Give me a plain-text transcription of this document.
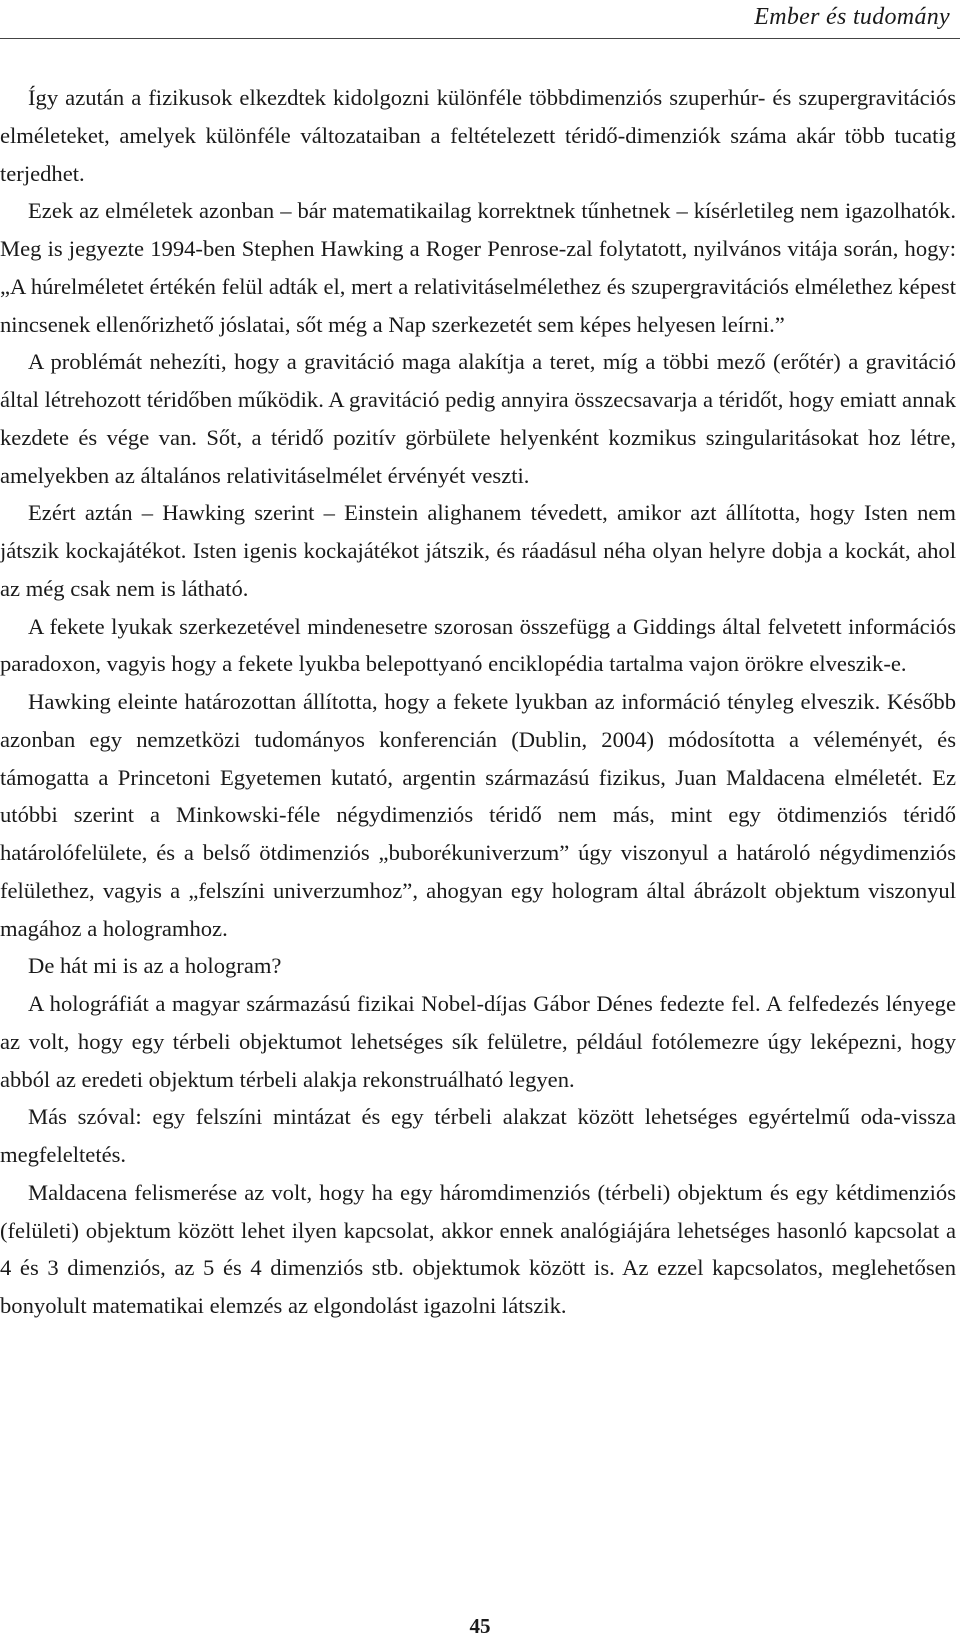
Ember és tudomány

Így azután a fizikusok elkezdtek kidolgozni különféle többdimenziós szuperhúr- és szupergravitációs elméleteket, amelyek különféle változataiban a feltételezett téridő-dimenziók száma akár több tucatig terjedhet.

Ezek az elméletek azonban – bár matematikailag korrektnek tűnhetnek – kísérletileg nem igazolhatók. Meg is jegyezte 1994-ben Stephen Hawking a Roger Penrose-zal folytatott, nyilvános vitája során, hogy: „A húrelméletet értékén felül adták el, mert a relativitáselmélethez és szupergravitációs elmélethez képest nincsenek ellenőrizhető jóslatai, sőt még a Nap szerkezetét sem képes helyesen leírni.”

A problémát nehezíti, hogy a gravitáció maga alakítja a teret, míg a többi mező (erőtér) a gravitáció által létrehozott téridőben működik. A gravitáció pedig annyira összecsavarja a téridőt, hogy emiatt annak kezdete és vége van. Sőt, a téridő pozitív görbülete helyenként kozmikus szingularitásokat hoz létre, amelyekben az általános relativitáselmélet érvényét veszti.

Ezért aztán – Hawking szerint – Einstein alighanem tévedett, amikor azt állította, hogy Isten nem játszik kockajátékot. Isten igenis kockajátékot játszik, és ráadásul néha olyan helyre dobja a kockát, ahol az még csak nem is látható.

A fekete lyukak szerkezetével mindenesetre szorosan összefügg a Giddings által felvetett információs paradoxon, vagyis hogy a fekete lyukba belepottyanó enciklopédia tartalma vajon örökre elveszik-e.

Hawking eleinte határozottan állította, hogy a fekete lyukban az információ tényleg elveszik. Később azonban egy nemzetközi tudományos konferencián (Dublin, 2004) módosította a véleményét, és támogatta a Princetoni Egyetemen kutató, argentin származású fizikus, Juan Maldacena elméletét. Ez utóbbi szerint a Minkowski-féle négydimenziós téridő nem más, mint egy ötdimenziós téridő határolófelülete, és a belső ötdimenziós „buborékuniverzum” úgy viszonyul a határoló négydimenziós felülethez, vagyis a „felszíni univerzumhoz”, ahogyan egy hologram által ábrázolt objektum viszonyul magához a hologramhoz.

De hát mi is az a hologram?

A holográfiát a magyar származású fizikai Nobel-díjas Gábor Dénes fedezte fel. A felfedezés lényege az volt, hogy egy térbeli objektumot lehetséges sík felületre, például fotólemezre úgy leképezni, hogy abból az eredeti objektum térbeli alakja rekonstruálható legyen.

Más szóval: egy felszíni mintázat és egy térbeli alakzat között lehetséges egyértelmű oda-vissza megfeleltetés.

Maldacena felismerése az volt, hogy ha egy háromdimenziós (térbeli) objektum és egy kétdimenziós (felületi) objektum között lehet ilyen kapcsolat, akkor ennek analógiájára lehetséges hasonló kapcsolat a 4 és 3 dimenziós, az 5 és 4 dimenziós stb. objektumok között is. Az ezzel kapcsolatos, meglehetősen bonyolult matematikai elemzés az elgondolást igazolni látszik.

45
